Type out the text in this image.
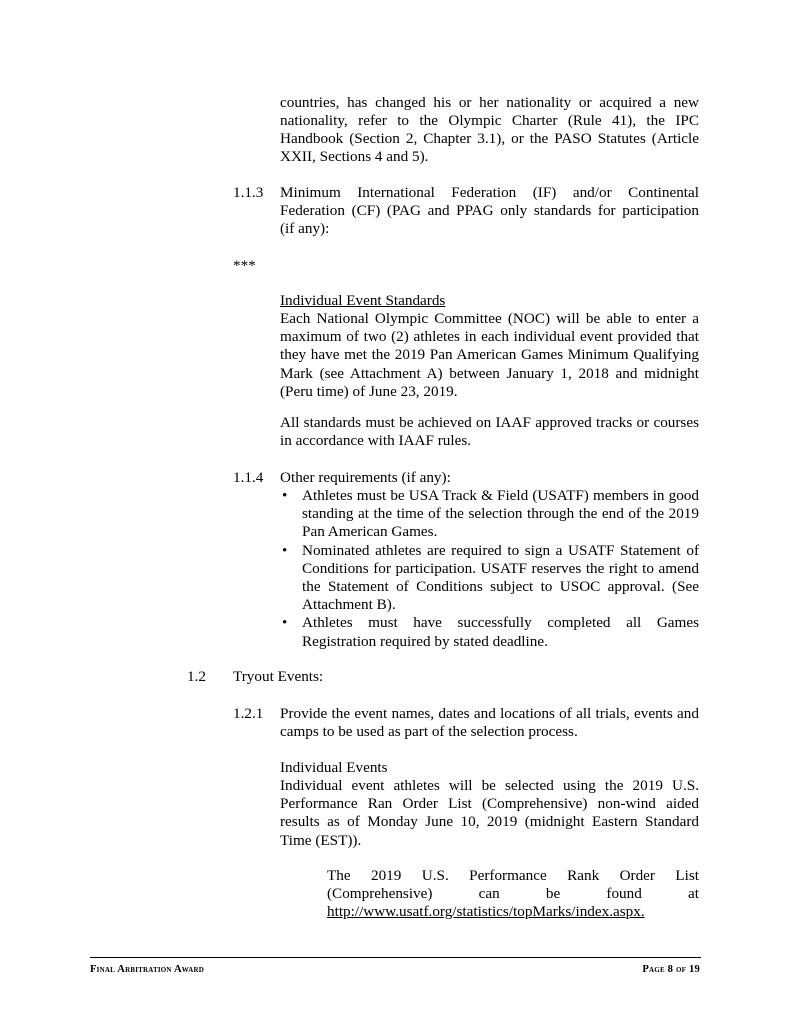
countries, has changed his or her nationality or acquired a new

nationality, refer to the Olympic Charter (Rule 41), the IPC

Handbook (Section 2, Chapter 3.1), or the PASO Statutes (Article

XXII, Sections 4 and 5).

1.1.3 Minimum International Federation (IF) and/or Continental

Federation (CF) (PAG and PPAG only standards for participation

(if any):

***

Individual Event Standards

Each National Olympic Committee (NOC) will be able to enter a maximum of two (2) athletes in each individual event provided that they have met the 2019 Pan American Games Minimum Qualifying Mark (see Attachment A) between January 1, 2018 and midnight (Peru time) of June 23, 2019.

All standards must be achieved on IAAF approved tracks or courses in accordance with IAAF rules.

1.1.4 Other requirements (if any):

• Athletes must be USA Track & Field (USATF) members in good standing at the time of the selection through the end of the 2019 Pan American Games.
• Nominated athletes are required to sign a USATF Statement of Conditions for participation. USATF reserves the right to amend the Statement of Conditions subject to USOC approval. (See Attachment B).
• Athletes must have successfully completed all Games Registration required by stated deadline.
1.2 Tryout Events:

1.2.1 Provide the event names, dates and locations of all trials, events and camps to be used as part of the selection process.

Individual Events

Individual event athletes will be selected using the 2019 U.S. Performance Ran Order List (Comprehensive) non-wind aided results as of Monday June 10, 2019 (midnight Eastern Standard Time (EST)).

The 2019 U.S. Performance Rank Order List

(Comprehensive) can be found at

http://www.usatf.org/statistics/topMarks/index.aspx.

Final Arbitration Award	Page 8 of 19
